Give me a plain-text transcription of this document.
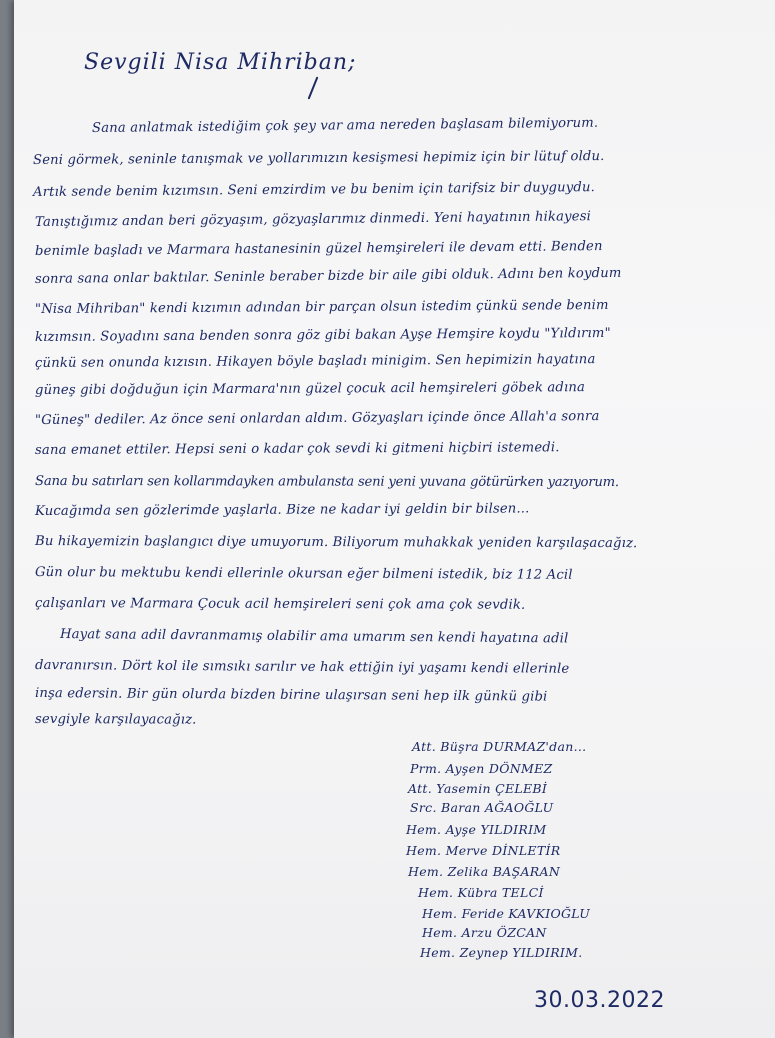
Sevgili Nisa Mihriban;
Sana anlatmak istediğim çok şey var ama nereden başlasam bilemiyorum.
Seni görmek, seninle tanışmak ve yollarımızın kesişmesi hepimiz için bir lütuf oldu.
Artık sende benim kızımsın. Seni emzirdim ve bu benim için tarifsiz bir duyguydu.
Tanıştığımız andan beri gözyaşım, gözyaşlarımız dinmedi. Yeni hayatının hikayesi
benimle başladı ve Marmara hastanesinin güzel hemşireleri ile devam etti. Benden
sonra sana onlar baktılar. Seninle beraber bizde bir aile gibi olduk. Adını ben koydum
"Nisa Mihriban" kendi kızımın adından bir parçan olsun istedim çünkü sende benim
kızımsın. Soyadını sana benden sonra göz gibi bakan Ayşe Hemşire koydu "Yıldırım"
çünkü sen onunda kızısın. Hikayen böyle başladı minigim. Sen hepimizin hayatına
güneş gibi doğduğun için Marmara'nın güzel çocuk acil hemşireleri göbek adına
"Güneş" dediler. Az önce seni onlardan aldım. Gözyaşları içinde önce Allah'a sonra
sana emanet ettiler. Hepsi seni o kadar çok sevdi ki gitmeni hiçbiri istemedi.
Sana bu satırları sen kollarımdayken ambulansta seni yeni yuvana götürürken yazıyorum.
Kucağımda sen gözlerimde yaşlarla. Bize ne kadar iyi geldin bir bilsen...
Bu hikayemizin başlangıcı diye umuyorum. Biliyorum muhakkak yeniden karşılaşacağız.
Gün olur bu mektubu kendi ellerinle okursan eğer bilmeni istedik, biz 112 Acil
çalışanları ve Marmara Çocuk acil hemşireleri seni çok ama çok sevdik.
Hayat sana adil davranmamış olabilir ama umarım sen kendi hayatına adil
davranırsın. Dört kol ile sımsıkı sarılır ve hak ettiğin iyi yaşamı kendi ellerinle
inşa edersin. Bir gün olurda bizden birine ulaşırsan seni hep ilk günkü gibi
sevgiyle karşılayacağız.
Att. Büşra DURMAZ'dan...
Prm. Ayşen DÖNMEZ
Att. Yasemin ÇELEBİ
Src. Baran AĞAOĞLU
Hem. Ayşe YILDIRIM
Hem. Merve DİNLETİR
Hem. Zelika BAŞARAN
Hem. Kübra TELCİ
Hem. Feride KAVKIOĞLU
Hem. Arzu ÖZCAN
Hem. Zeynep YILDIRIM.
30.03.2022
